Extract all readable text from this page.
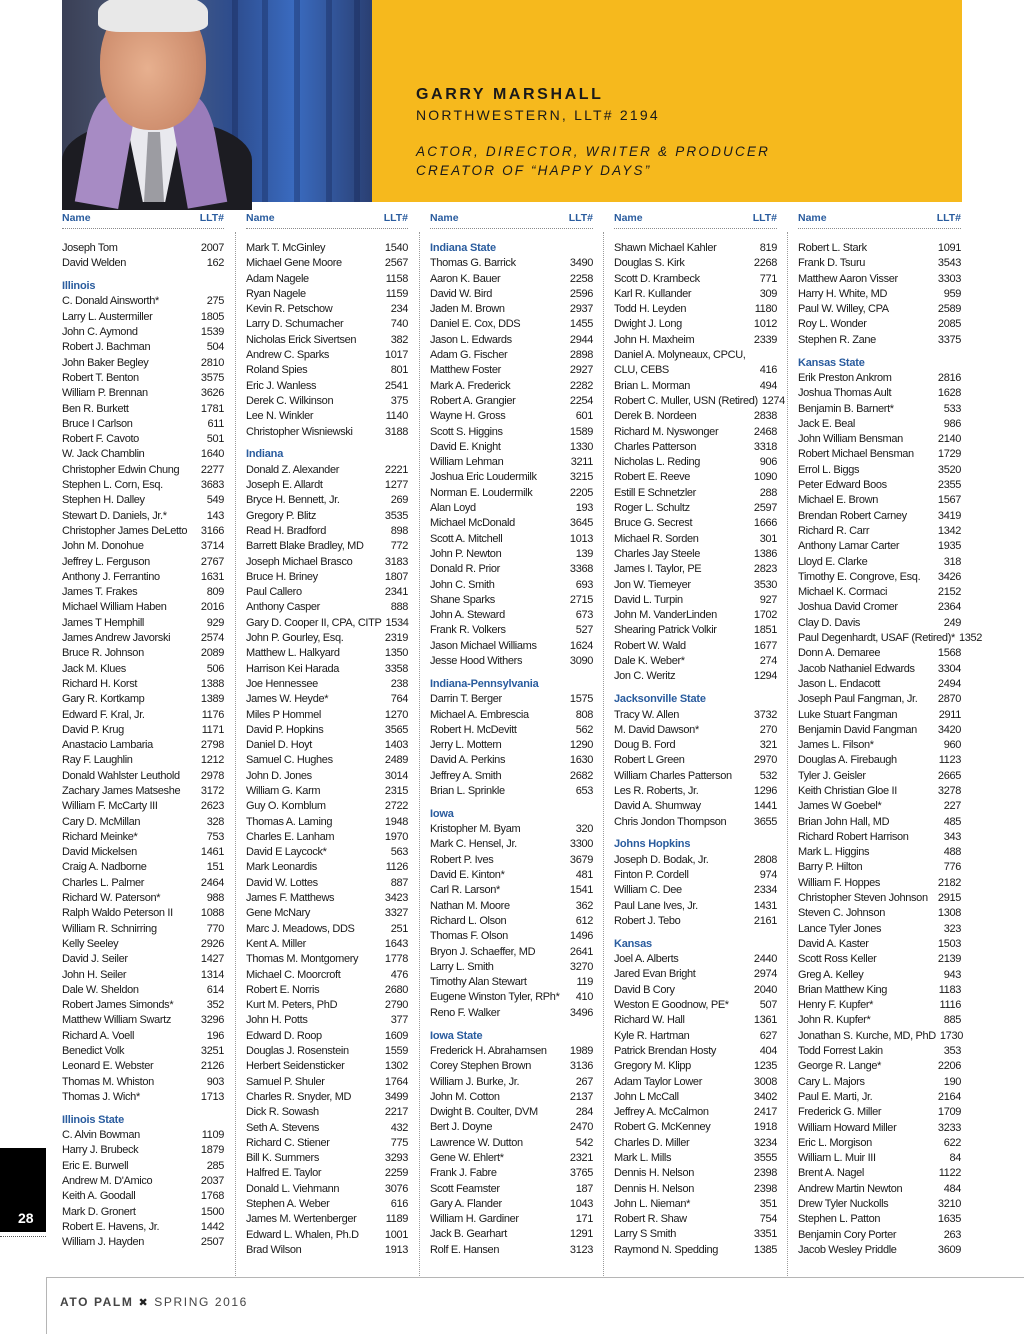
GARRY MARSHALL
NORTHWESTERN, LLT# 2194
ACTOR, DIRECTOR, WRITER & PRODUCER
CREATOR OF “HAPPY DAYS”
Name	LLT#
Joseph Tom	2007
David Welden	162
Illinois
C. Donald Ainsworth*	275
Larry L. Austermiller	1805
John C. Aymond	1539
Robert J. Bachman	504
John Baker Begley	2810
Robert T. Benton	3575
William P. Brennan	3626
Ben R. Burkett	1781
Bruce I Carlson	611
Robert F. Cavoto	501
W. Jack Chamblin	1640
Christopher Edwin Chung	2277
Stephen L. Corn, Esq.	3683
Stephen H. Dalley	549
Stewart D. Daniels, Jr.*	143
Christopher James DeLetto	3166
John M. Donohue	3714
Jeffrey L. Ferguson	2767
Anthony J. Ferrantino	1631
James T. Frakes	809
Michael William Haben	2016
James T Hemphill	929
James Andrew Javorski	2574
Bruce R. Johnson	2089
Jack M. Klues	506
Richard H. Korst	1388
Gary R. Kortkamp	1389
Edward F. Kral, Jr.	1176
David P. Krug	1171
Anastacio Lambaria	2798
Ray F. Laughlin	1212
Donald Wahlster Leuthold	2978
Zachary James Matseshe	3172
William F. McCarty III	2623
Cary D. McMillan	328
Richard Meinke*	753
David Mickelsen	1461
Craig A. Nadborne	151
Charles L. Palmer	2464
Richard W. Paterson*	988
Ralph Waldo Peterson II	1088
William R. Schnirring	770
Kelly Seeley	2926
David J. Seiler	1427
John H. Seiler	1314
Dale W. Sheldon	614
Robert James Simonds*	352
Matthew William Swartz	3296
Richard A. Voell	196
Benedict Volk	3251
Leonard E. Webster	2126
Thomas M. Whiston	903
Thomas J. Wich*	1713
Illinois State
C. Alvin Bowman	1109
Harry J. Brubeck	1879
Eric E. Burwell	285
Andrew M. D'Amico	2037
Keith A. Goodall	1768
Mark D. Gronert	1500
Robert E. Havens, Jr.	1442
William J. Hayden	2507
Name	LLT#
Mark T. McGinley	1540
Michael Gene Moore	2567
Adam Nagele	1158
Ryan Nagele	1159
Kevin R. Petschow	234
Larry D. Schumacher	740
Nicholas Erick Sivertsen	382
Andrew C. Sparks	1017
Roland Spies	801
Eric J. Wanless	2541
Derek C. Wilkinson	375
Lee N. Winkler	1140
Christopher Wisniewski	3188
Indiana
Donald Z. Alexander	2221
Joseph E. Allardt	1277
Bryce H. Bennett, Jr.	269
Gregory P. Blitz	3535
Read H. Bradford	898
Barrett Blake Bradley, MD	772
Joseph Michael Brasco	3183
Bruce H. Briney	1807
Paul Callero	2341
Anthony Casper	888
Gary D. Cooper II, CPA, CITP 1534
John P. Gourley, Esq.	2319
Matthew L. Halkyard	1350
Harrison Kei Harada	3358
Joe Hennessee	238
James W. Heyde*	764
Miles P Hommel	1270
David P. Hopkins	3565
Daniel D. Hoyt	1403
Samuel C. Hughes	2489
John D. Jones	3014
William G. Karm	2315
Guy O. Kornblum	2722
Thomas A. Laming	1948
Charles E. Lanham	1970
David E Laycock*	563
Mark Leonardis	1126
David W. Lottes	887
James F. Matthews	3423
Gene McNary	3327
Marc J. Meadows, DDS	251
Kent A. Miller	1643
Thomas M. Montgomery	1778
Michael C. Moorcroft	476
Robert E. Norris	2680
Kurt M. Peters, PhD	2790
John H. Potts	377
Edward D. Roop	1609
Douglas J. Rosenstein	1559
Herbert Seidensticker	1302
Samuel P. Shuler	1764
Charles R. Snyder, MD	3499
Dick R. Sowash	2217
Seth A. Stevens	432
Richard C. Stiener	775
Bill K. Summers	3293
Halfred E. Taylor	2259
Donald L. Viehmann	3076
Stephen A. Weber	616
James M. Wertenberger	1189
Edward L. Whalen, Ph.D	1001
Brad Wilson	1913
Name	LLT#
Indiana State
Thomas G. Barrick	3490
Aaron K. Bauer	2258
David W. Bird	2596
Jaden M. Brown	2937
Daniel E. Cox, DDS	1455
Jason L. Edwards	2944
Adam G. Fischer	2898
Matthew Foster	2927
Mark A. Frederick	2282
Robert A. Grangier	2254
Wayne H. Gross	601
Scott S. Higgins	1589
David E. Knight	1330
William Lehman	3211
Joshua Eric Loudermilk	3215
Norman E. Loudermilk	2205
Alan Loyd	193
Michael McDonald	3645
Scott A. Mitchell	1013
John P. Newton	139
Donald R. Prior	3368
John C. Smith	693
Shane Sparks	2715
John A. Steward	673
Frank R. Volkers	527
Jason Michael Williams	1624
Jesse Hood Withers	3090
Indiana-Pennsylvania
Darrin T. Berger	1575
Michael A. Embrescia	808
Robert H. McDevitt	562
Jerry L. Mottern	1290
David A. Perkins	1630
Jeffrey A. Smith	2682
Brian L. Sprinkle	653
Iowa
Kristopher M. Byam	320
Mark C. Hensel, Jr.	3300
Robert P. Ives	3679
David E. Kinton*	481
Carl R. Larson*	1541
Nathan M. Moore	362
Richard L. Olson	612
Thomas F. Olson	1496
Bryon J. Schaeffer, MD	2641
Larry L. Smith	3270
Timothy Alan Stewart	119
Eugene Winston Tyler, RPh*	410
Reno F. Walker	3496
Iowa State
Frederick H. Abrahamsen	1989
Corey Stephen Brown	3136
William J. Burke, Jr.	267
John M. Cotton	2137
Dwight B. Coulter, DVM	284
Bert J. Doyne	2470
Lawrence W. Dutton	542
Gene W. Ehlert*	2321
Frank J. Fabre	3765
Scott Feamster	187
Gary A. Flander	1043
William H. Gardiner	171
Jack B. Gearhart	1291
Rolf E. Hansen	3123
Name	LLT#
Shawn Michael Kahler	819
Douglas S. Kirk	2268
Scott D. Krambeck	771
Karl R. Kullander	309
Todd H. Leyden	1180
Dwight J. Long	1012
John H. Maxheim	2339
Daniel A. Molyneaux, CPCU, CLU, CEBS	416
Brian L. Morman	494
Robert C. Muller, USN (Retired) 1274
Derek B. Nordeen	2838
Richard M. Nyswonger	2468
Charles Patterson	3318
Nicholas L. Reding	906
Robert E. Reeve	1090
Estill E Schnetzler	288
Roger L. Schultz	2597
Bruce G. Secrest	1666
Michael R. Sorden	301
Charles Jay Steele	1386
James I. Taylor, PE	2823
Jon W. Tiemeyer	3530
David L. Turpin	927
John M. VanderLinden	1702
Shearing Patrick Volkir	1851
Robert W. Wald	1677
Dale K. Weber*	274
Jon C. Weritz	1294
Jacksonville State
Tracy W. Allen	3732
M. David Dawson*	270
Doug B. Ford	321
Robert L Green	2970
William Charles Patterson	532
Les R. Roberts, Jr.	1296
David A. Shumway	1441
Chris Jondon Thompson	3655
Johns Hopkins
Joseph D. Bodak, Jr.	2808
Finton P. Cordell	974
William C. Dee	2334
Paul Lane Ives, Jr.	1431
Robert J. Tebo	2161
Kansas
Joel A. Alberts	2440
Jared Evan Bright	2974
David B Cory	2040
Weston E Goodnow, PE*	507
Richard W. Hall	1361
Kyle R. Hartman	627
Patrick Brendan Hosty	404
Gregory M. Klipp	1235
Adam Taylor Lower	3008
John L McCall	3402
Jeffrey A. McCalmon	2417
Robert G. McKenney	1918
Charles D. Miller	3234
Mark L. Mills	3555
Dennis H. Nelson	2398
Dennis H. Nelson	2398
John L. Nieman*	351
Robert R. Shaw	754
Larry S Smith	3351
Raymond N. Spedding	1385
Name	LLT#
Robert L. Stark	1091
Frank D. Tsuru	3543
Matthew Aaron Visser	3303
Harry H. White, MD	959
Paul W. Willey, CPA	2589
Roy L. Wonder	2085
Stephen R. Zane	3375
Kansas State
Erik Preston Ankrom	2816
Joshua Thomas Ault	1628
Benjamin B. Barnert*	533
Jack E. Beal	986
John William Bensman	2140
Robert Michael Bensman	1729
Errol L. Biggs	3520
Peter Edward Boos	2355
Michael E. Brown	1567
Brendan Robert Carney	3419
Richard R. Carr	1342
Anthony Lamar Carter	1935
Lloyd E. Clarke	318
Timothy E. Congrove, Esq.	3426
Michael K. Cormaci	2152
Joshua David Cromer	2364
Clay D. Davis	249
Paul Degenhardt, USAF (Retired)* 1352
Donn A. Demaree	1568
Jacob Nathaniel Edwards	3304
Jason L. Endacott	2494
Joseph Paul Fangman, Jr.	2870
Luke Stuart Fangman	2911
Benjamin David Fangman	3420
James L. Filson*	960
Douglas A. Firebaugh	1123
Tyler J. Geisler	2665
Keith Christian Gloe II	3278
James W Goebel*	227
Brian John Hall, MD	485
Richard Robert Harrison	343
Mark L. Higgins	488
Barry P. Hilton	776
William F. Hoppes	2182
Christopher Steven Johnson 2915
Steven C. Johnson	1308
Lance Tyler Jones	323
David A. Kaster	1503
Scott Ross Keller	2139
Greg A. Kelley	943
Brian Matthew King	1183
Henry F. Kupfer*	1116
John R. Kupfer*	885
Jonathan S. Kurche, MD, PhD 1730
Todd Forrest Lakin	353
George R. Lange*	2206
Cary L. Majors	190
Paul E. Marti, Jr.	2164
Frederick G. Miller	1709
William Howard Miller	3233
Eric L. Morgison	622
William L. Muir III	84
Brent A. Nagel	1122
Andrew Martin Newton	484
Drew Tyler Nuckolls	3210
Stephen L. Patton	1635
Benjamin Cory Porter	263
Jacob Wesley Priddle	3609
28
ATO PALM ✖ SPRING 2016
